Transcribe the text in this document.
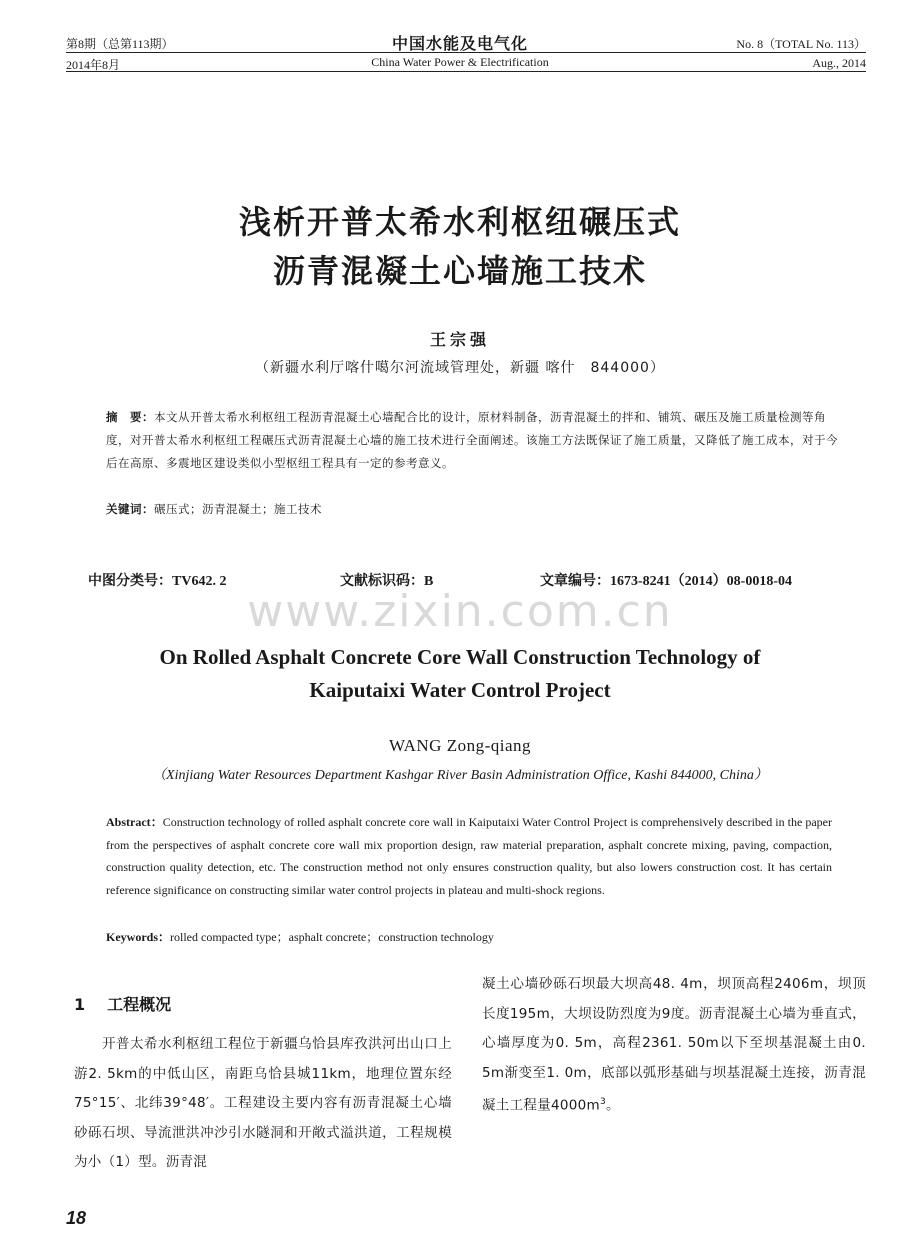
第8期（总第113期）
2014年8月
中国水能及电气化
China Water Power & Electrification
No. 8（TOTAL No. 113）
Aug., 2014
浅析开普太希水利枢纽碾压式
沥青混凝土心墙施工技术
王宗强
（新疆水利厅喀什噶尔河流域管理处，新疆 喀什　844000）
摘　要：本文从开普太希水利枢纽工程沥青混凝土心墙配合比的设计，原材料制备，沥青混凝土的拌和、铺筑、碾压及施工质量检测等角度，对开普太希水利枢纽工程碾压式沥青混凝土心墙的施工技术进行全面阐述。该施工方法既保证了施工质量，又降低了施工成本，对于今后在高原、多震地区建设类似小型枢纽工程具有一定的参考意义。
关键词：碾压式；沥青混凝土；施工技术
中图分类号：TV642. 2	文献标识码：B	文章编号：1673-8241（2014）08-0018-04
www.zixin.com.cn
On Rolled Asphalt Concrete Core Wall Construction Technology of
Kaiputaixi Water Control Project
WANG Zong-qiang
（Xinjiang Water Resources Department Kashgar River Basin Administration Office, Kashi 844000, China）
Abstract：Construction technology of rolled asphalt concrete core wall in Kaiputaixi Water Control Project is comprehensively described in the paper from the perspectives of asphalt concrete core wall mix proportion design, raw material preparation, asphalt concrete mixing, paving, compaction, construction quality detection, etc. The construction method not only ensures construction quality, but also lowers construction cost. It has certain reference significance on constructing similar water control projects in plateau and multi-shock regions.
Keywords：rolled compacted type；asphalt concrete；construction technology
1 工程概况
开普太希水利枢纽工程位于新疆乌恰县库孜洪河出山口上游2. 5km的中低山区，南距乌恰县城11km，地理位置东经75°15′、北纬39°48′。工程建设主要内容有沥青混凝土心墙砂砾石坝、导流泄洪冲沙引水隧洞和开敞式溢洪道，工程规模为小（1）型。沥青混
凝土心墙砂砾石坝最大坝高48. 4m，坝顶高程2406m，坝顶长度195m，大坝设防烈度为9度。沥青混凝土心墙为垂直式，心墙厚度为0. 5m，高程2361. 50m以下至坝基混凝土由0. 5m渐变至1. 0m，底部以弧形基础与坝基混凝土连接，沥青混凝土工程量$4000m^3$。
18
